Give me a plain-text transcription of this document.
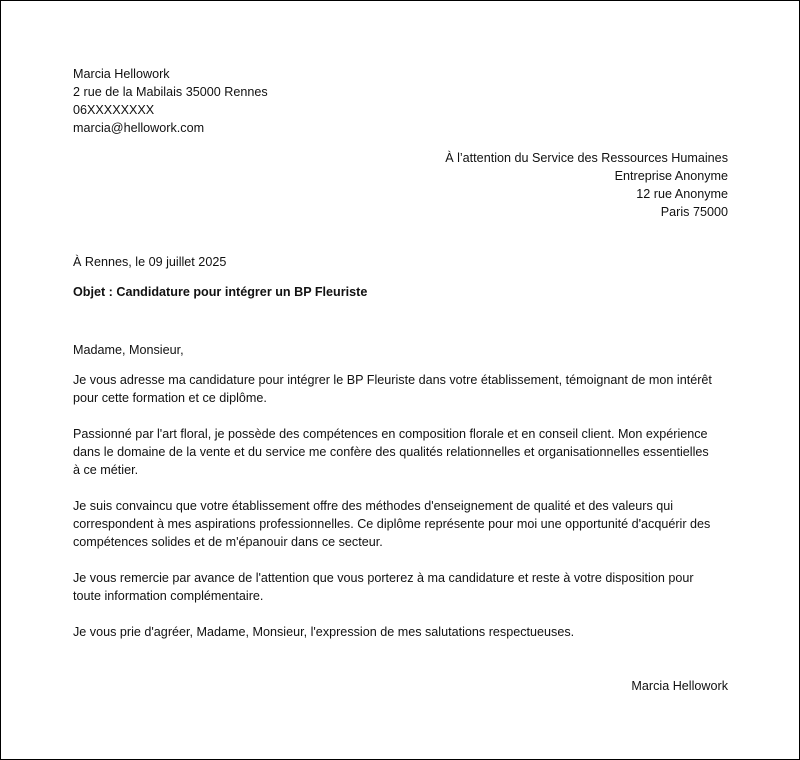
Marcia Hellowork
2 rue de la Mabilais 35000 Rennes
06XXXXXXXX
marcia@hellowork.com
À l’attention du Service des Ressources Humaines
Entreprise Anonyme
12 rue Anonyme
Paris 75000
À Rennes, le 09 juillet 2025
Objet : Candidature pour intégrer un BP Fleuriste
Madame, Monsieur,
Je vous adresse ma candidature pour intégrer le BP Fleuriste dans votre établissement, témoignant de mon intérêt
pour cette formation et ce diplôme.
Passionné par l'art floral, je possède des compétences en composition florale et en conseil client. Mon expérience
dans le domaine de la vente et du service me confère des qualités relationnelles et organisationnelles essentielles
à ce métier.
Je suis convaincu que votre établissement offre des méthodes d'enseignement de qualité et des valeurs qui
correspondent à mes aspirations professionnelles. Ce diplôme représente pour moi une opportunité d'acquérir des
compétences solides et de m'épanouir dans ce secteur.
Je vous remercie par avance de l'attention que vous porterez à ma candidature et reste à votre disposition pour
toute information complémentaire.
Je vous prie d'agréer, Madame, Monsieur, l'expression de mes salutations respectueuses.
Marcia Hellowork
